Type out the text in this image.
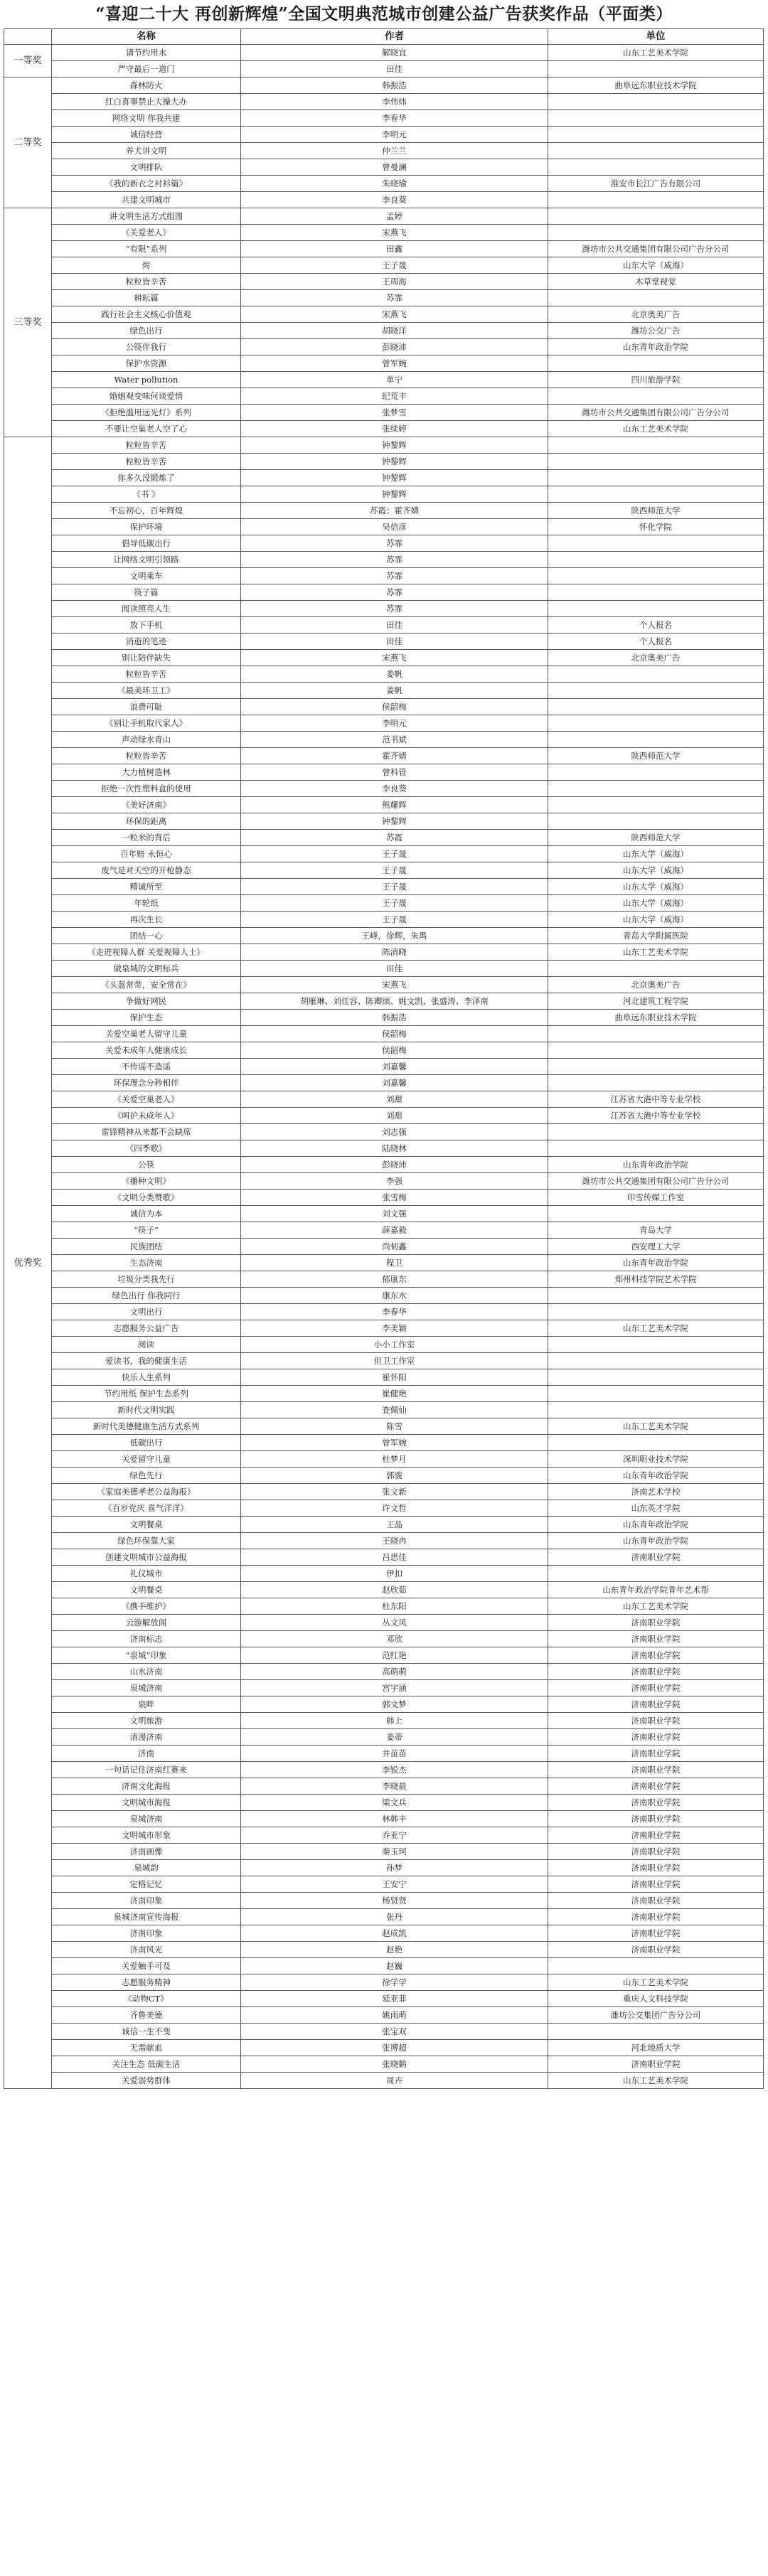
“喜迎二十大 再创新辉煌”全国文明典范城市创建公益广告获奖作品（平面类）
	名称	作者	单位
一等奖	请节约用水	解晓宜	山东工艺美术学院
	严守最后一道门	田佳	
二等奖	森林防火	韩振浩	曲阜远东职业技术学院
	红白喜事禁止大操大办	李伟炜	
	网络文明 你我共建	李春华	
	诚信经营	李明元	
	养犬讲文明	仲兰兰	
	文明排队	曾曼澜	
	《我的新衣之衬衫篇》	朱晓瑜	淮安市长江广告有限公司
	共建文明城市	李良葵	
三等奖	讲文明生活方式组图	孟婷	
	《关爱老人》	宋燕飞	
	“有限”系列	田鑫	潍坊市公共交通集团有限公司广告分公司
	烬	王子晟	山东大学（威海）
	粒粒皆辛苦	王周海	木草堂视觉
	耕耘篇	苏霏	
	践行社会主义核心价值观	宋燕飞	北京奥美广告
	绿色出行	胡晓洋	潍坊公交广告
	公筷伴我行	彭晓沛	山东青年政治学院
	保护水资源	曾军婉	
	Water pollution	单宁	四川旅游学院
	婚姻观变味何谈爱情	纪荒丰	
	《拒绝滥用远光灯》系列	张梦雪	潍坊市公共交通集团有限公司广告分公司
	不要让空巢老人空了心	张续婷	山东工艺美术学院
优秀奖	粒粒皆辛苦	钟黎辉	
	粒粒皆辛苦	钟黎辉	
	你多久没锻炼了	钟黎辉	
	《书 》	钟黎辉	
	不忘初心，百年辉煌	苏霞；霍齐婧	陕西师范大学
	保护环境	吴信彦	怀化学院
	倡导低碳出行	苏霏	
	让网络文明引领路	苏霏	
	文明乘车	苏霏	
	筷子篇	苏霏	
	阅读照亮人生	苏霏	
	放下手机	田佳	个人报名
	消逝的笔迹	田佳	个人报名
	别让陪伴缺失	宋燕飞	北京奥美广告
	粒粒皆辛苦	姜帆	
	《最美环卫工》	姜帆	
	浪费可耻	侯韶梅	
	《别让手机取代家人》	李明元	
	声动绿水青山	范书斌	
	粒粒皆辛苦	霍齐婧	陕西师范大学
	大力植树造林	曾科管	
	拒绝一次性塑料盒的使用	李良葵	
	《美好济南》	熊耀辉	
	环保的距离	钟黎辉	
	一粒米的背后	苏霞	陕西师范大学
	百年赔 永恒心	王子晟	山东大学（威海）
	废气是对天空的开枪静态	王子晟	山东大学（威海）
	精诚所至	王子晟	山东大学（威海）
	年轮纸	王子晟	山东大学（威海）
	再次生长	王子晟	山东大学（威海）
	团结一心	王峰，徐辉，朱禺	青岛大学附属医院
	《走进视障人群 关爱视障人士》	陈清晓	山东工艺美术学院
	做泉城的文明标兵	田佳	
	《头盔常带，安全常在》	宋燕飞	北京奥美广告
	争做好网民	胡雁琳、刘佳容、陈卿颂、姚文凯、张盛涛、李泽南	河北建筑工程学院
	保护生态	韩振浩	曲阜远东职业技术学院
	关爱空巢老人留守儿童	侯韶梅	
	关爱未成年人健康成长	侯韶梅	
	不传谣不造谣	刘嘉馨	
	环保理念分秒相伴	刘嘉馨	
	《关爱空巢老人》	刘甜	江苏省大港中等专业学校
	《呵护未成年人》	刘甜	江苏省大港中等专业学校
	雷锋精神从来都不会缺席	刘志强	
	《四季歌》	陆晓林	
	公筷	彭晓沛	山东青年政治学院
	《播种文明》	李强	潍坊市公共交通集团有限公司广告分公司
	《文明分类赞歌》	张雪梅	印雪传媒工作室
	诚信为本	刘文强	
	“筷子”	薛嘉毅	青岛大学
	民族团结	尚韧鑫	西安理工大学
	生态济南	程卫	山东青年政治学院
	垃圾分类我先行	郁康东	郑州科技学院艺术学院
	绿色出行 你我同行	康东水	
	文明出行	李春华	
	志愿服务公益广告	李美颖	山东工艺美术学院
	阅读	小小工作室	
	爱读书，我的健康生活	但卫工作室	
	快乐人生系列	崔怀阳	
	节约用纸 保护生态系列	崔健艳	
	新时代文明实践	查佩仙	
	新时代美德健康生活方式系列	陈雪	山东工艺美术学院
	低碳出行	曾军婉	
	关爱留守儿童	杜梦月	深圳职业技术学院
	绿色先行	郭骏	山东青年政治学院
	《家庭美德孝老公益海报》	张文新	济南艺术学校
	《百岁党庆 喜气洋洋》	许文哲	山东英才学院
	文明餐桌	王晶	山东青年政治学院
	绿色环保靠大家	王晓冉	山东青年政治学院
	创建文明城市公益海报	吕思佳	济南职业学院
	礼仪城市	伊扣	
	文明餐桌	赵欣茹	山东青年政治学院青年艺术帮
	《携手维护》	杜东阳	山东工艺美术学院
	云游解放阁	丛文风	济南职业学院
	济南标志	邓欣	济南职业学院
	“泉城”印象	范红艳	济南职业学院
	山水济南	高萌萌	济南职业学院
	泉城济南	宫宇涵	济南职业学院
	泉畔	郭文梦	济南职业学院
	文明旅游	韩上	济南职业学院
	清漫济南	姜蒂	济南职业学院
	济南	井苗苗	济南职业学院
	一句话记住济南红赛来	李锐杰	济南职业学院
	济南文化海报	李晓晨	济南职业学院
	文明城市海报	梁文兵	济南职业学院
	泉城济南	林韩丰	济南职业学院
	文明城市形象	乔亚宁	济南职业学院
	济南画像	秦玉珂	济南职业学院
	泉城韵	孙梦	济南职业学院
	定格记忆	王安宁	济南职业学院
	济南印象	杨贤贤	济南职业学院
	泉城济南宣传海报	张丹	济南职业学院
	济南印象	赵成凯	济南职业学院
	济南风光	赵艳	济南职业学院
	关爱触手可及	赵巍	
	志愿服务精神	徐学学	山东工艺美术学院
	《动物CT》	延亚菲	重庆人文科技学院
	齐鲁美德	姚雨萌	潍坊公交集团广告分公司
	诚信一生不变	张宝双	
	无需献血	张博超	河北地质大学
	关注生态 低碳生活	张晓鹤	济南职业学院
	关爱弱势群体	周卉	山东工艺美术学院
